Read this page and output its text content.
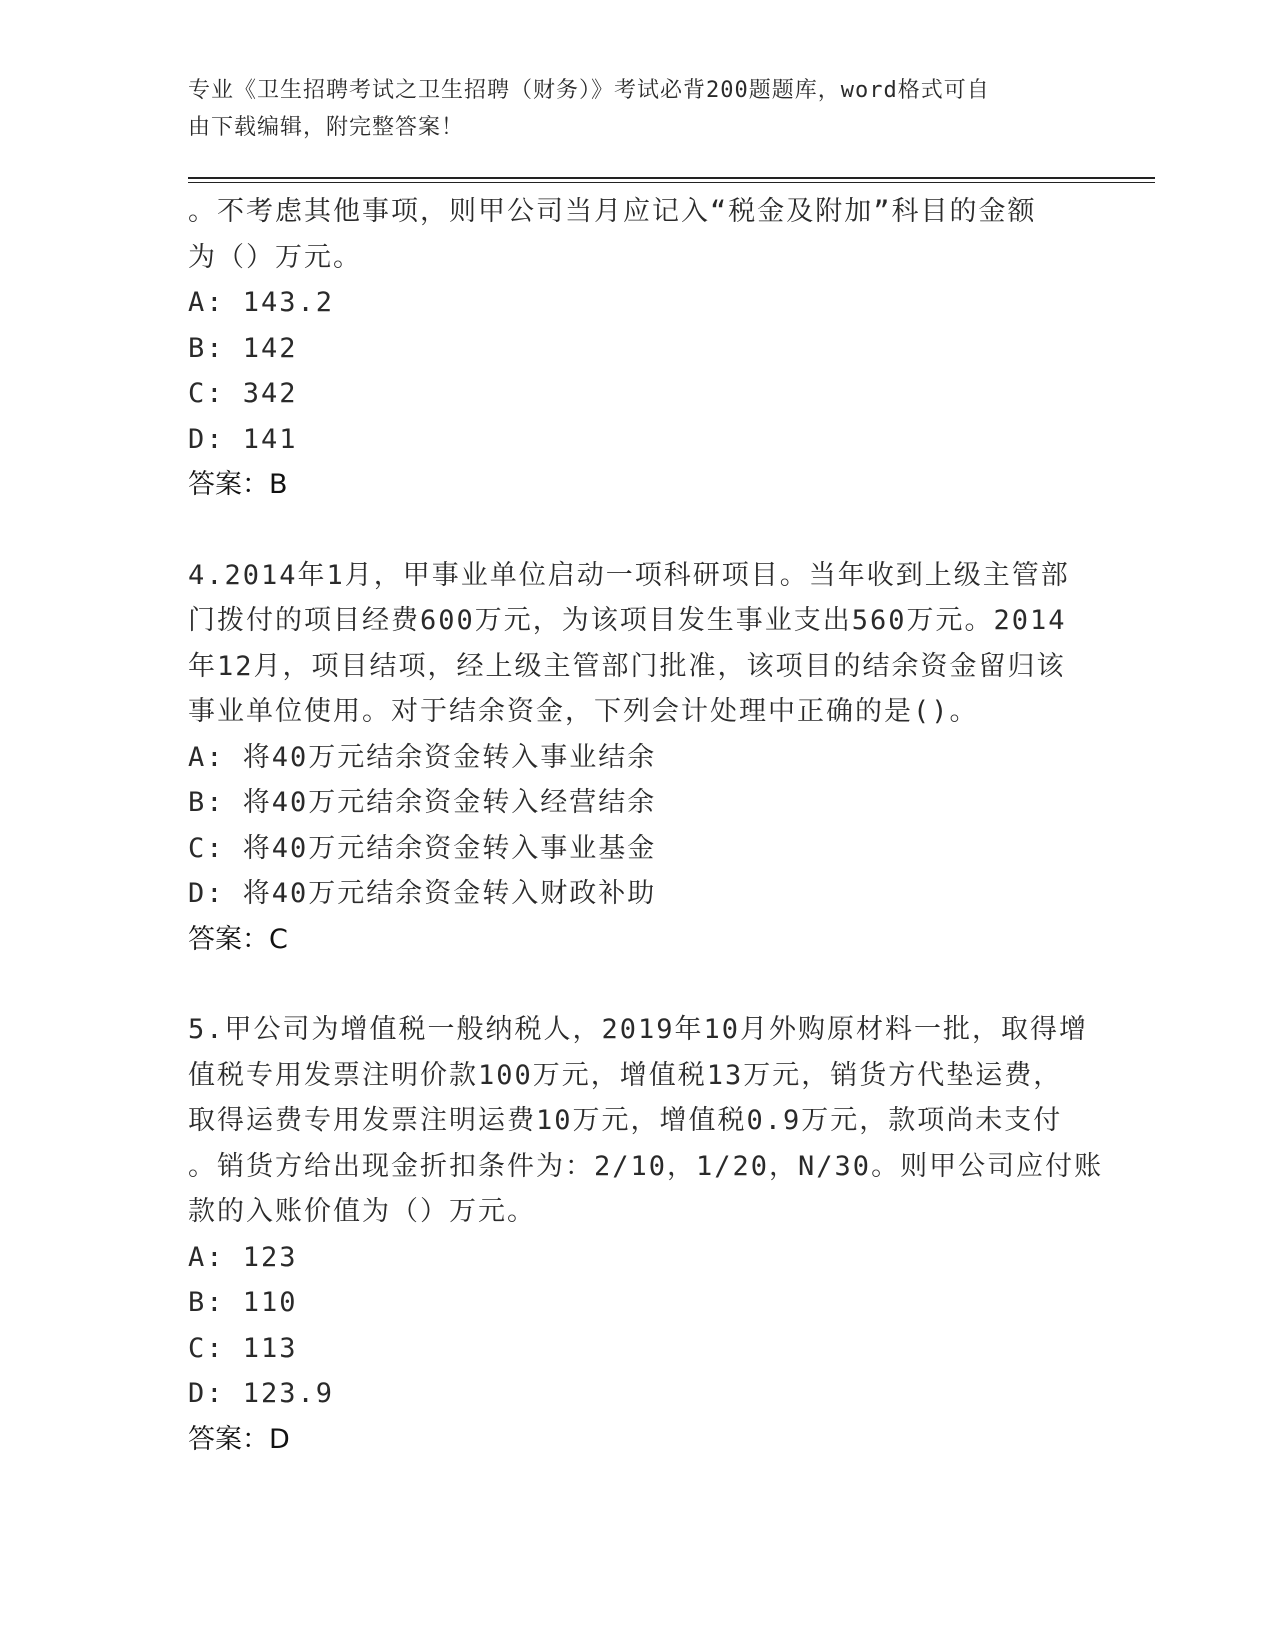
专业《卫生招聘考试之卫生招聘（财务）》考试必背200题题库，word格式可自
由下载编辑，附完整答案！
。不考虑其他事项，则甲公司当月应记入“税金及附加”科目的金额
为（）万元。
A: 143.2
B: 142
C: 342
D: 141
答案：B
4.2014年1月，甲事业单位启动一项科研项目。当年收到上级主管部
门拨付的项目经费600万元，为该项目发生事业支出560万元。2014
年12月，项目结项，经上级主管部门批准，该项目的结余资金留归该
事业单位使用。对于结余资金，下列会计处理中正确的是()。
A: 将40万元结余资金转入事业结余
B: 将40万元结余资金转入经营结余
C: 将40万元结余资金转入事业基金
D: 将40万元结余资金转入财政补助
答案：C
5.甲公司为增值税一般纳税人，2019年10月外购原材料一批，取得增
值税专用发票注明价款100万元，增值税13万元，销货方代垫运费，
取得运费专用发票注明运费10万元，增值税0.9万元，款项尚未支付
。销货方给出现金折扣条件为：2/10，1/20，N/30。则甲公司应付账
款的入账价值为（）万元。
A: 123
B: 110
C: 113
D: 123.9
答案：D
